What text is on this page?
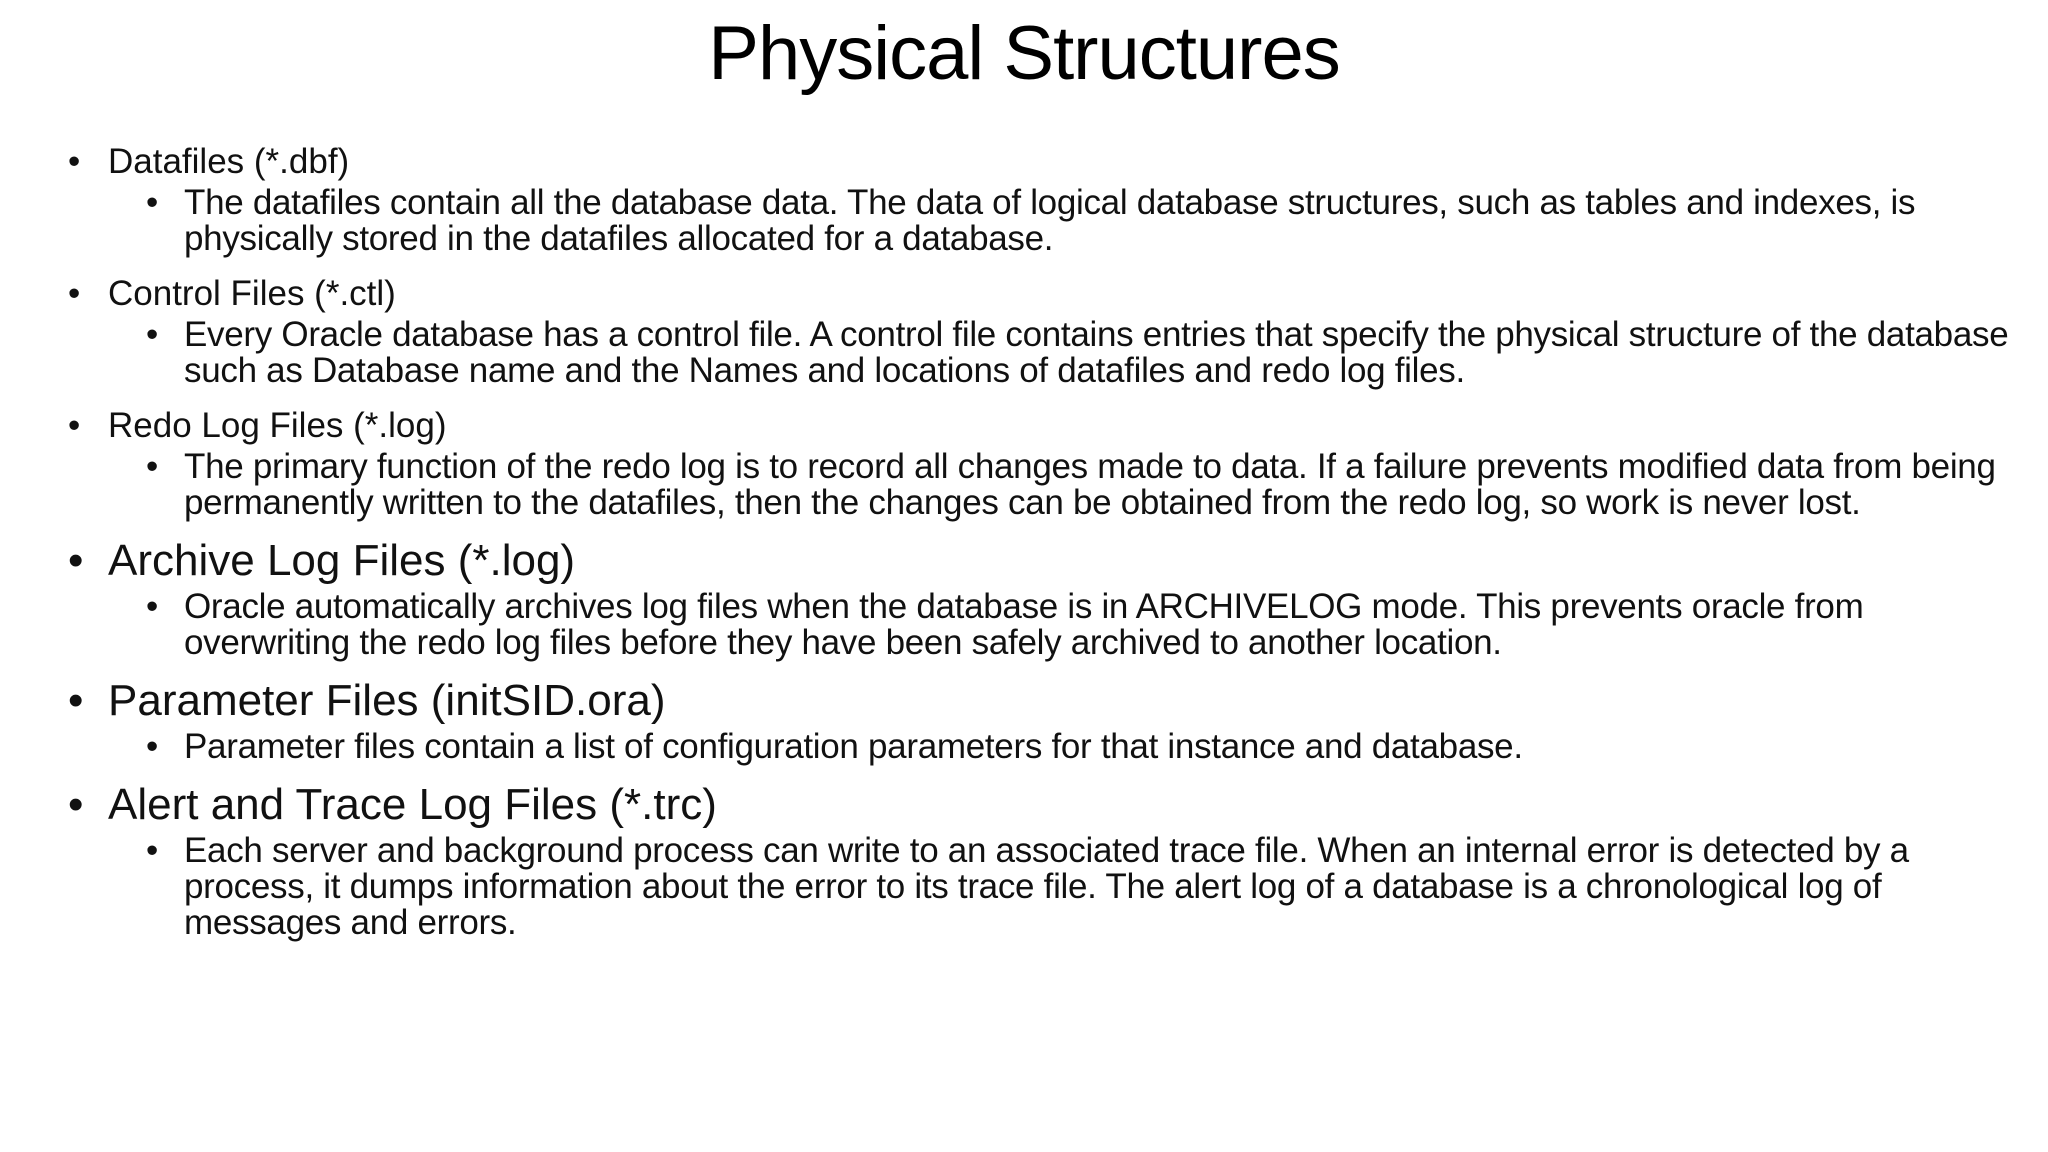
Physical Structures
• Datafiles (*.dbf)
• The datafiles contain all the database data. The data of logical database structures, such as tables and indexes, is physically stored in the datafiles allocated for a database.
• Control Files (*.ctl)
• Every Oracle database has a control file. A control file contains entries that specify the physical structure of the database such as Database name and the Names and locations of datafiles and redo log files.
• Redo Log Files (*.log)
• The primary function of the redo log is to record all changes made to data. If a failure prevents modified data from being permanently written to the datafiles, then the changes can be obtained from the redo log, so work is never lost.
• Archive Log Files (*.log)
• Oracle automatically archives log files when the database is in ARCHIVELOG mode. This prevents oracle from overwriting the redo log files before they have been safely archived to another location.
• Parameter Files (initSID.ora)
• Parameter files contain a list of configuration parameters for that instance and database.
• Alert and Trace Log Files (*.trc)
• Each server and background process can write to an associated trace file. When an internal error is detected by a process, it dumps information about the error to its trace file. The alert log of a database is a chronological log of messages and errors.
